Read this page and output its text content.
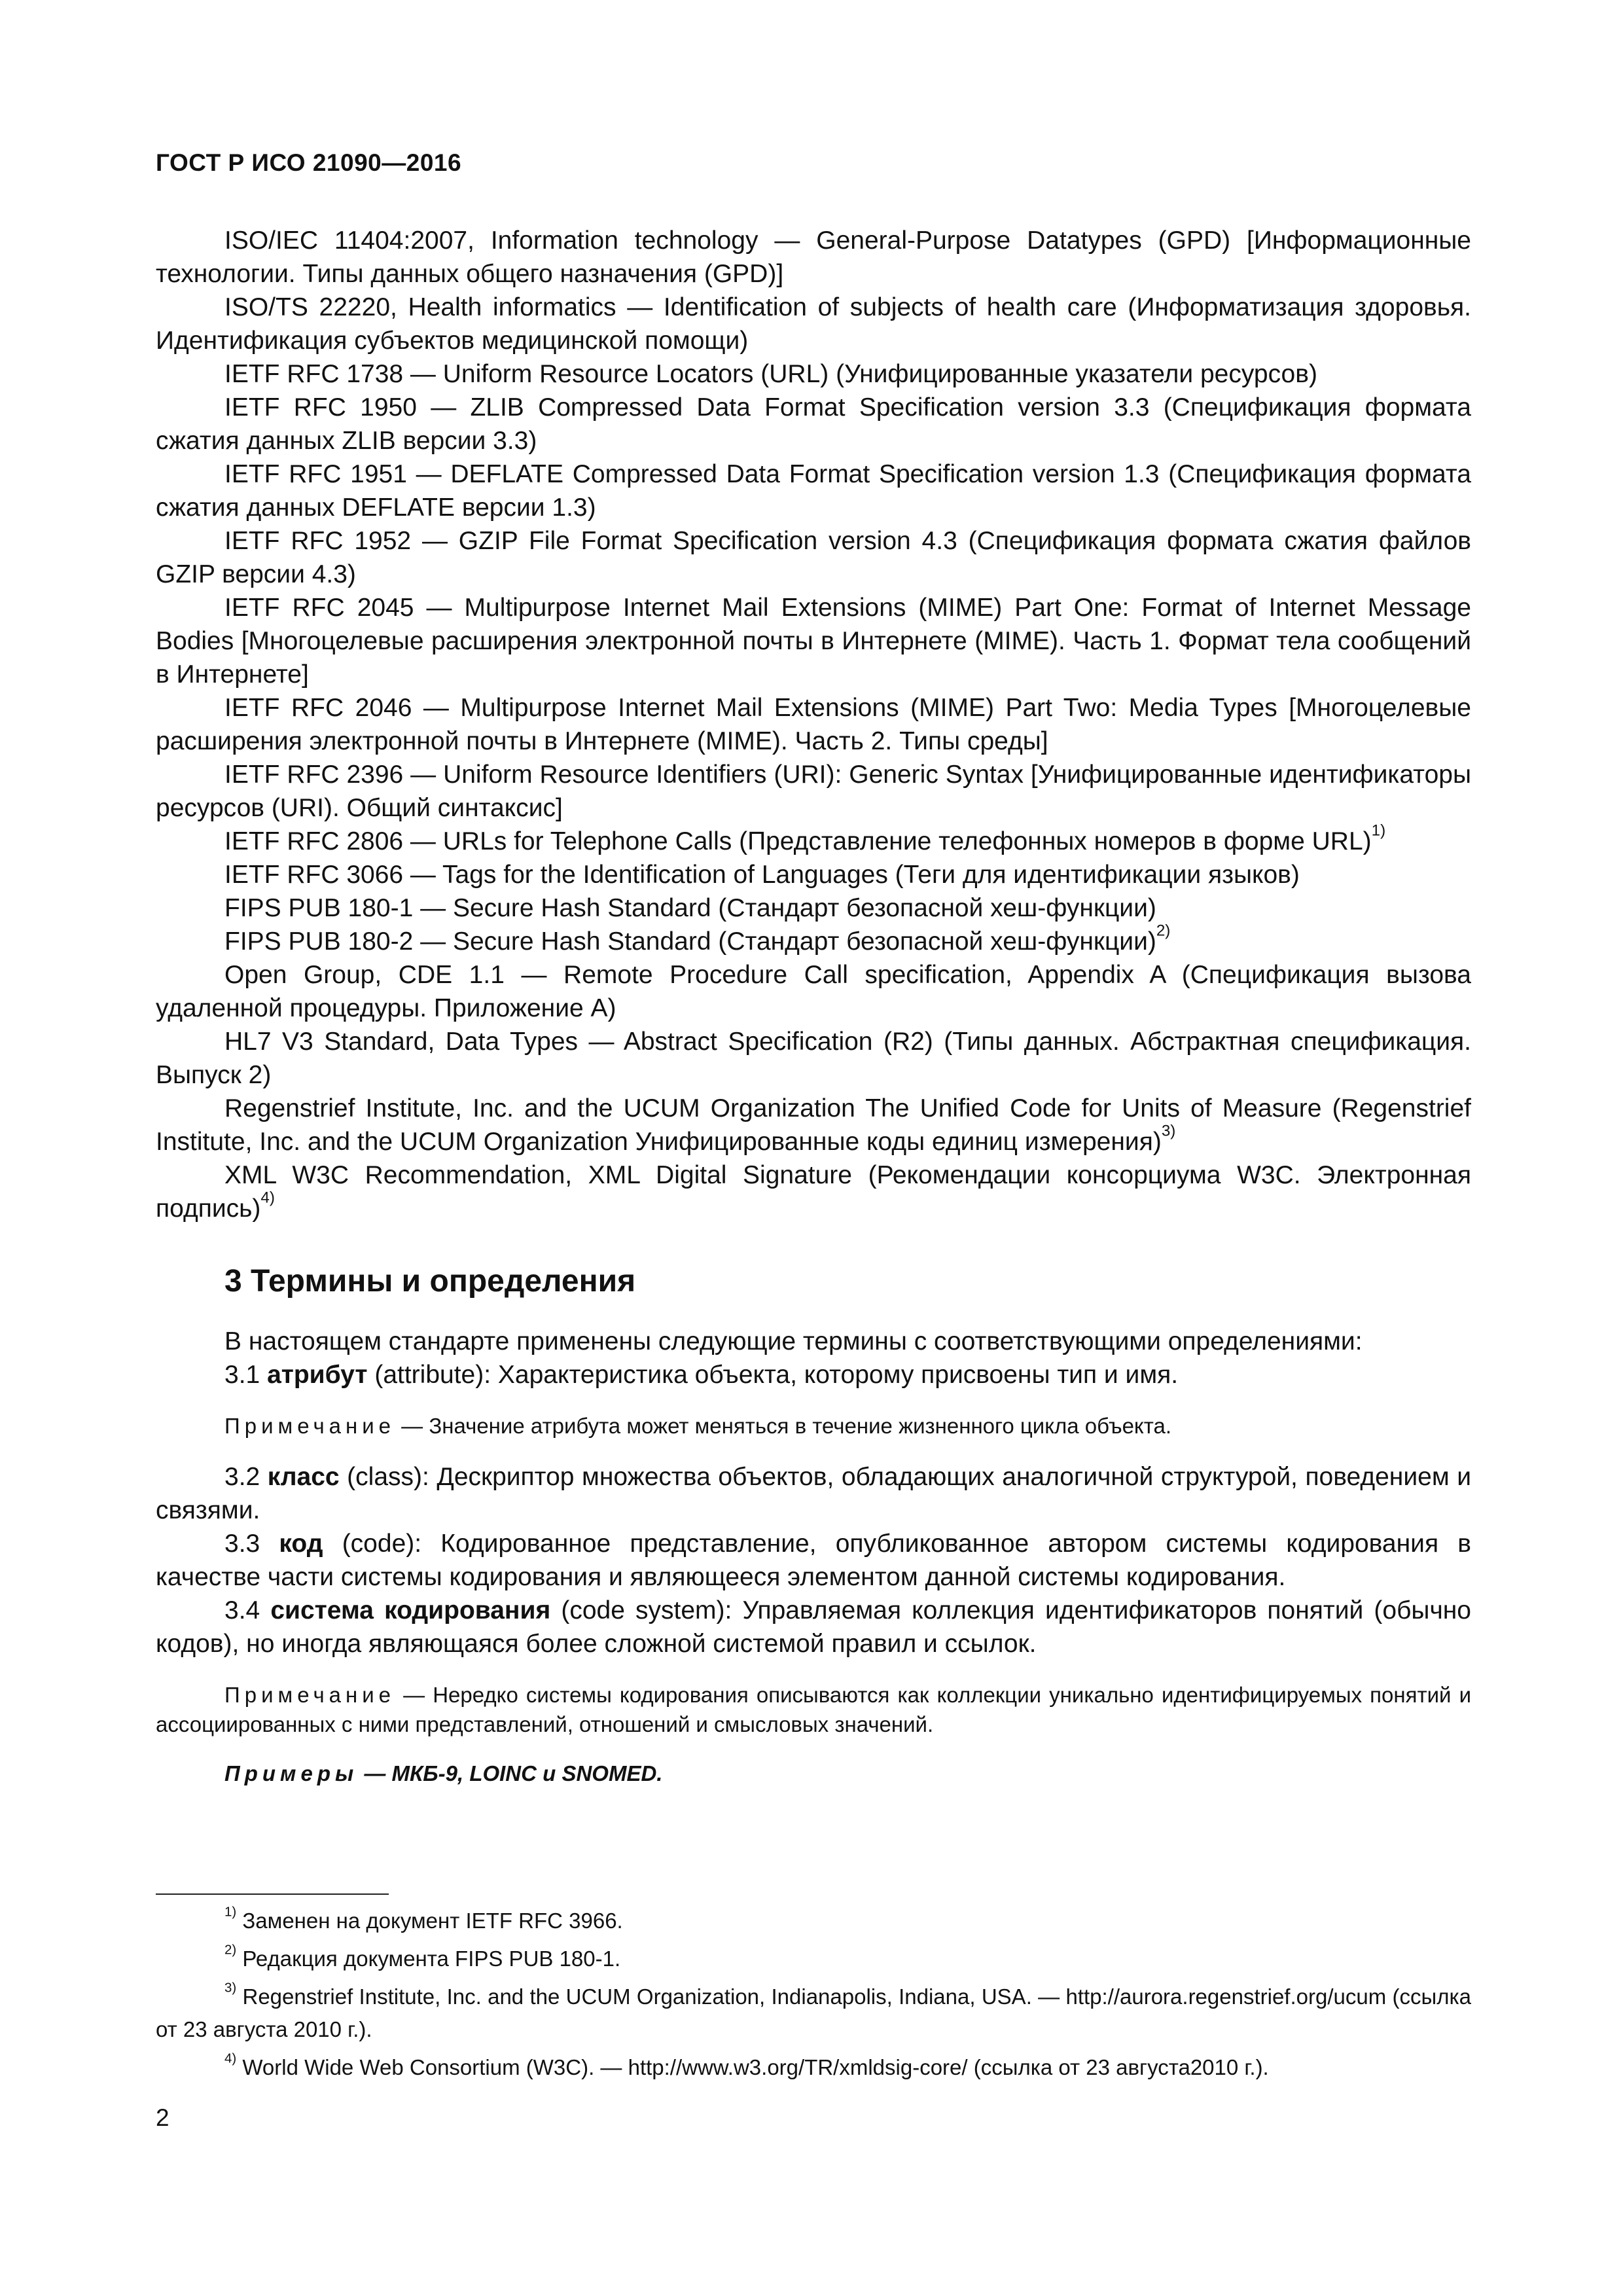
ГОСТ Р ИСО 21090—2016

ISO/IEC 11404:2007, Information technology — General-Purpose Datatypes (GPD) [Информационные технологии. Типы данных общего назначения (GPD)]

ISO/TS 22220, Health informatics — Identification of subjects of health care (Информатизация здоровья. Идентификация субъектов медицинской помощи)

IETF RFC 1738 — Uniform Resource Locators (URL) (Унифицированные указатели ресурсов)

IETF RFC 1950 — ZLIB Compressed Data Format Specification version 3.3 (Спецификация формата сжатия данных ZLIB версии 3.3)

IETF RFC 1951 — DEFLATE Compressed Data Format Specification version 1.3 (Спецификация формата сжатия данных DEFLATE версии 1.3)

IETF RFC 1952 — GZIP File Format Specification version 4.3 (Спецификация формата сжатия файлов GZIP версии 4.3)

IETF RFC 2045 — Multipurpose Internet Mail Extensions (MIME) Part One: Format of Internet Message Bodies [Многоцелевые расширения электронной почты в Интернете (MIME). Часть 1. Формат тела сообщений в Интернете]

IETF RFC 2046 — Multipurpose Internet Mail Extensions (MIME) Part Two: Media Types [Многоцелевые расширения электронной почты в Интернете (MIME). Часть 2. Типы среды]

IETF RFC 2396 — Uniform Resource Identifiers (URI): Generic Syntax [Унифицированные идентификаторы ресурсов (URI). Общий синтаксис]

IETF RFC 2806 — URLs for Telephone Calls (Представление телефонных номеров в форме URL)$^{1)}$

IETF RFC 3066 — Tags for the Identification of Languages (Теги для идентификации языков)

FIPS PUB 180-1 — Secure Hash Standard (Стандарт безопасной хеш-функции)

FIPS PUB 180-2 — Secure Hash Standard (Стандарт безопасной хеш-функции)$^{2)}$

Open Group, CDE 1.1 — Remote Procedure Call specification, Appendix A (Спецификация вызова удаленной процедуры. Приложение А)

HL7 V3 Standard, Data Types — Abstract Specification (R2) (Типы данных. Абстрактная спецификация. Выпуск 2)

Regenstrief Institute, Inc. and the UCUM Organization The Unified Code for Units of Measure (Regenstrief Institute, Inc. and the UCUM Organization Унифицированные коды единиц измерения)$^{3)}$

XML W3C Recommendation, XML Digital Signature (Рекомендации консорциума W3C. Электронная подпись)$^{4)}$

3 Термины и определения

В настоящем стандарте применены следующие термины с соответствующими определениями:

3.1 атрибут (attribute): Характеристика объекта, которому присвоены тип и имя.

Примечание — Значение атрибута может меняться в течение жизненного цикла объекта.

3.2 класс (class): Дескриптор множества объектов, обладающих аналогичной структурой, поведением и связями.

3.3 код (code): Кодированное представление, опубликованное автором системы кодирования в качестве части системы кодирования и являющееся элементом данной системы кодирования.

3.4 система кодирования (code system): Управляемая коллекция идентификаторов понятий (обычно кодов), но иногда являющаяся более сложной системой правил и ссылок.

Примечание — Нередко системы кодирования описываются как коллекции уникально идентифицируемых понятий и ассоциированных с ними представлений, отношений и смысловых значений.

Примеры — МКБ-9, LOINC и SNOMED.

$^{1)}$ Заменен на документ IETF RFC 3966.

$^{2)}$ Редакция документа FIPS PUB 180-1.

$^{3)}$ Regenstrief Institute, Inc. and the UCUM Organization, Indianapolis, Indiana, USA. — http://aurora.regenstrief.org/ucum (ссылка от 23 августа 2010 г.).

$^{4)}$ World Wide Web Consortium (W3C). — http://www.w3.org/TR/xmldsig-core/ (ссылка от 23 августа2010 г.).

2
